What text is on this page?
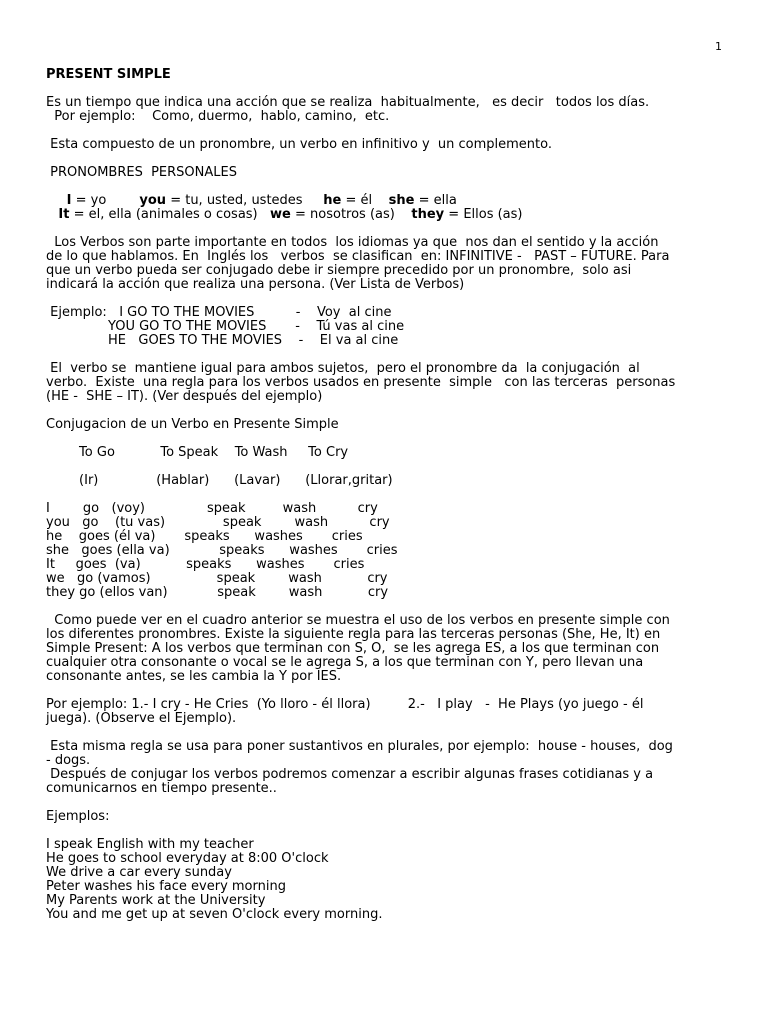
1

PRESENT SIMPLE

Es un tiempo que indica una acción que se realiza  habitualmente,   es decir   todos los días.

Por ejemplo:    Como, duermo,  hablo, camino,  etc.

Esta compuesto de un pronombre, un verbo en infinitivo y  un complemento.

PRONOMBRES  PERSONALES

I = yo	you = tu, usted, ustedes he = él she = ella

It = el, ella (animales o cosas) we = nosotros (as) they = Ellos (as)

Los Verbos son parte importante en todos  los idiomas ya que  nos dan el sentido y la acción

de lo que hablamos. En  Inglés los   verbos  se clasifican  en: INFINITIVE -   PAST – FUTURE. Para

que un verbo pueda ser conjugado debe ir siempre precedido por un pronombre,  solo asi

indicará la acción que realiza una persona. (Ver Lista de Verbos)

Ejemplo:   I GO TO THE MOVIES          -    Voy  al cine

YOU GO TO THE MOVIES       -    Tú vas al cine

HE   GOES TO THE MOVIES    -    El va al cine

El  verbo se  mantiene igual para ambos sujetos,  pero el pronombre da  la conjugación  al

verbo.  Existe  una regla para los verbos usados en presente  simple   con las terceras  personas

(HE -  SHE – IT). (Ver después del ejemplo)

Conjugacion de un Verbo en Presente Simple

To Go           To Speak    To Wash     To Cry

(Ir)              (Hablar)      (Lavar)      (Llorar,gritar)

I        go   (voy)               speak         wash          cry

you   go    (tu vas)              speak        wash          cry

he    goes (él va)       speaks      washes       cries

she   goes (ella va)            speaks      washes       cries

It     goes  (va)           speaks      washes       cries

we   go (vamos)                speak        wash           cry

they go (ellos van)            speak        wash           cry

Como puede ver en el cuadro anterior se muestra el uso de los verbos en presente simple con

los diferentes pronombres. Existe la siguiente regla para las terceras personas (She, He, It) en

Simple Present: A los verbos que terminan con S, O,  se les agrega ES, a los que terminan con

cualquier otra consonante o vocal se le agrega S, a los que terminan con Y, pero llevan una

consonante antes, se les cambia la Y por IES.

Por ejemplo: 1.- I cry - He Cries  (Yo lloro - él llora)         2.-   I play   -  He Plays (yo juego - él

juega). (Observe el Ejemplo).

Esta misma regla se usa para poner sustantivos en plurales, por ejemplo:  house - houses,  dog

- dogs.

Después de conjugar los verbos podremos comenzar a escribir algunas frases cotidianas y a

comunicarnos en tiempo presente..

Ejemplos:

I speak English with my teacher

He goes to school everyday at 8:00 O'clock

We drive a car every sunday

Peter washes his face every morning

My Parents work at the University

You and me get up at seven O'clock every morning.
